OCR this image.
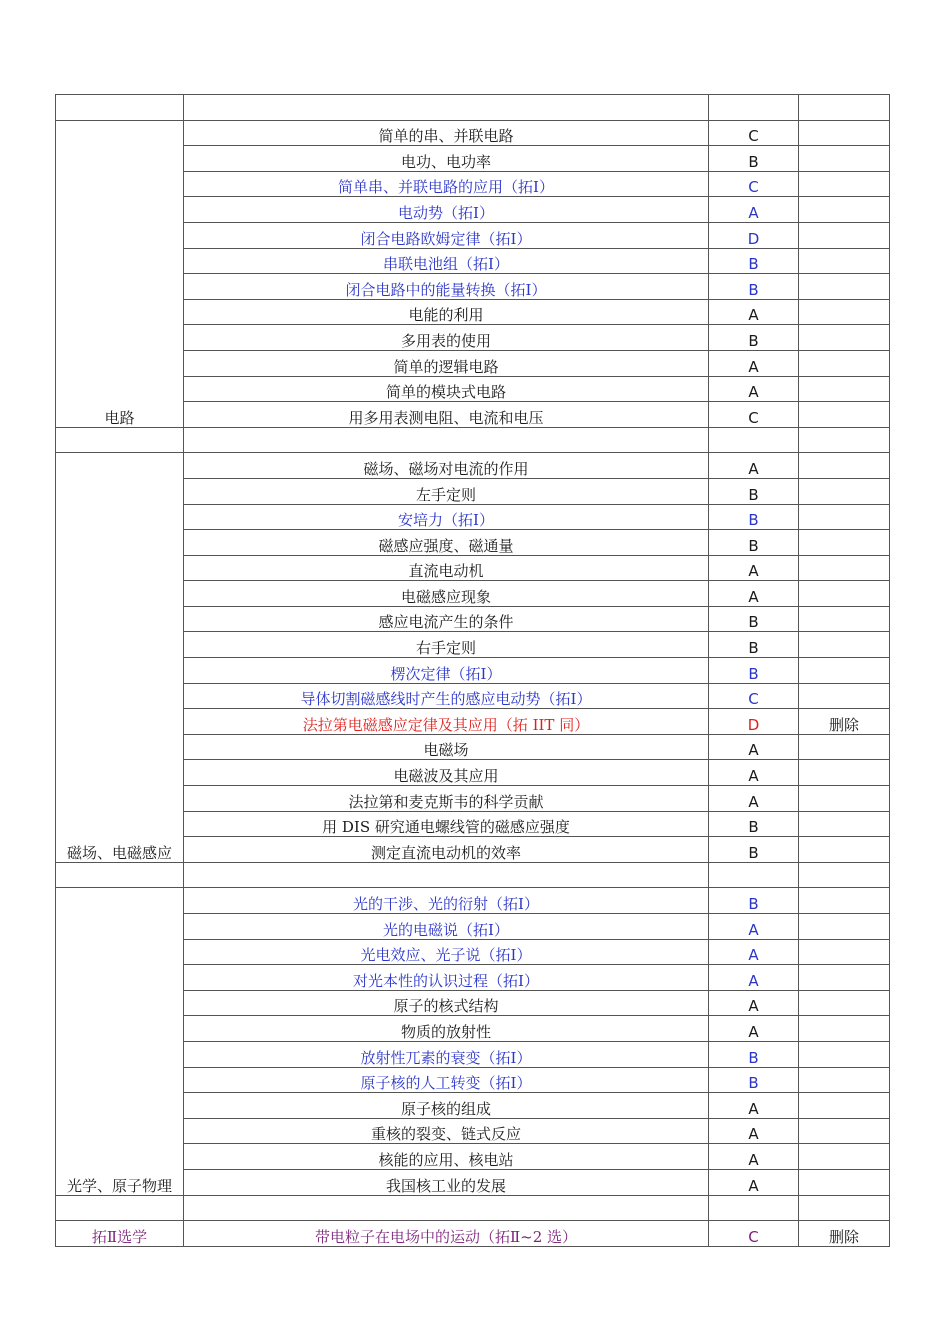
电路	简单的串、并联电路	C	
	电功、电功率	B	
	简单串、并联电路的应用（拓Ⅰ）	C	
	电动势（拓Ⅰ）	A	
	闭合电路欧姆定律（拓Ⅰ）	D	
	串联电池组（拓Ⅰ）	B	
	闭合电路中的能量转换（拓Ⅰ）	B	
	电能的利用	A	
	多用表的使用	B	
	简单的逻辑电路	A	
	简单的模块式电路	A	
	用多用表测电阻、电流和电压	C	

磁场、电磁感应	磁场、磁场对电流的作用	A	
	左手定则	B	
	安培力（拓Ⅰ）	B	
	磁感应强度、磁通量	B	
	直流电动机	A	
	电磁感应现象	A	
	感应电流产生的条件	B	
	右手定则	B	
	楞次定律（拓Ⅰ）	B	
	导体切割磁感线时产生的感应电动势（拓Ⅰ）	C	
	法拉第电磁感应定律及其应用（拓 IIT 同）	D	删除
	电磁场	A	
	电磁波及其应用	A	
	法拉第和麦克斯韦的科学贡献	A	
	用 DIS 研究通电螺线管的磁感应强度	B	
	测定直流电动机的效率	B	

光学、原子物理	光的干涉、光的衍射（拓Ⅰ）	B	
	光的电磁说（拓Ⅰ）	A	
	光电效应、光子说（拓Ⅰ）	A	
	对光本性的认识过程（拓Ⅰ）	A	
	原子的核式结构	A	
	物质的放射性	A	
	放射性兀素的衰变（拓Ⅰ）	B	
	原子核的人工转变（拓Ⅰ）	B	
	原子核的组成	A	
	重核的裂变、链式反应	A	
	核能的应用、核电站	A	
	我国核工业的发展	A	

拓Ⅱ选学	带电粒子在电场中的运动（拓Ⅱ~2 选）	C	删除
